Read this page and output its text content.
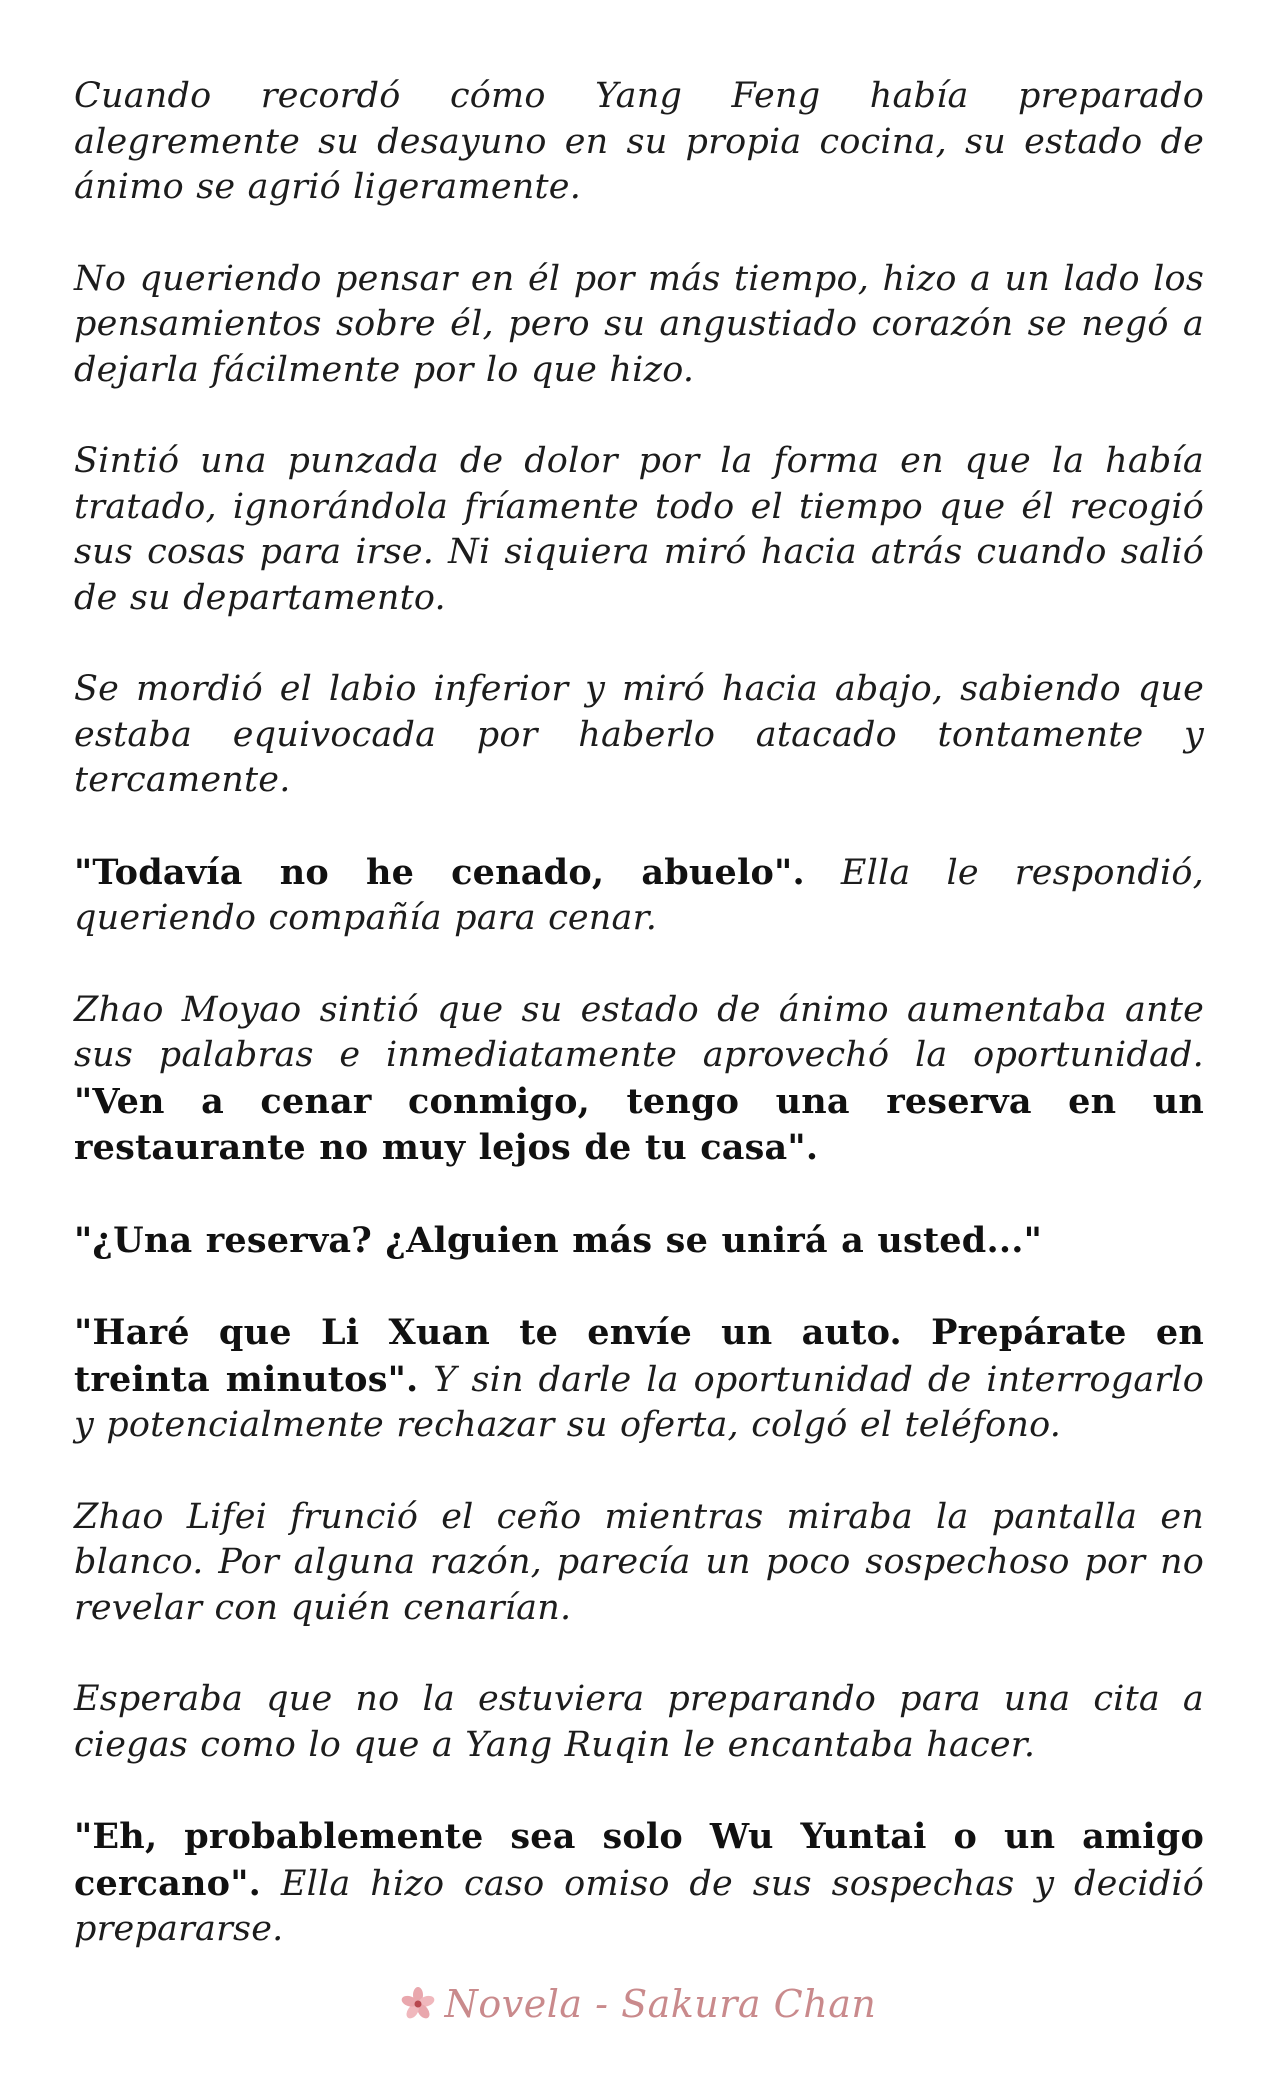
Cuando recordó cómo Yang Feng había preparado alegremente su desayuno en su propia cocina, su estado de ánimo se agrió ligeramente.

No queriendo pensar en él por más tiempo, hizo a un lado los pensamientos sobre él, pero su angustiado corazón se negó a dejarla fácilmente por lo que hizo.

Sintió una punzada de dolor por la forma en que la había tratado, ignorándola fríamente todo el tiempo que él recogió sus cosas para irse. Ni siquiera miró hacia atrás cuando salió de su departamento.

Se mordió el labio inferior y miró hacia abajo, sabiendo que estaba equivocada por haberlo atacado tontamente y tercamente.

"Todavía no he cenado, abuelo". Ella le respondió, queriendo compañía para cenar.

Zhao Moyao sintió que su estado de ánimo aumentaba ante sus palabras e inmediatamente aprovechó la oportunidad. "Ven a cenar conmigo, tengo una reserva en un restaurante no muy lejos de tu casa".

"¿Una reserva? ¿Alguien más se unirá a usted..."

"Haré que Li Xuan te envíe un auto. Prepárate en treinta minutos". Y sin darle la oportunidad de interrogarlo y potencialmente rechazar su oferta, colgó el teléfono.

Zhao Lifei frunció el ceño mientras miraba la pantalla en blanco. Por alguna razón, parecía un poco sospechoso por no revelar con quién cenarían.

Esperaba que no la estuviera preparando para una cita a ciegas como lo que a Yang Ruqin le encantaba hacer.

"Eh, probablemente sea solo Wu Yuntai o un amigo cercano". Ella hizo caso omiso de sus sospechas y decidió prepararse.

Novela - Sakura Chan
